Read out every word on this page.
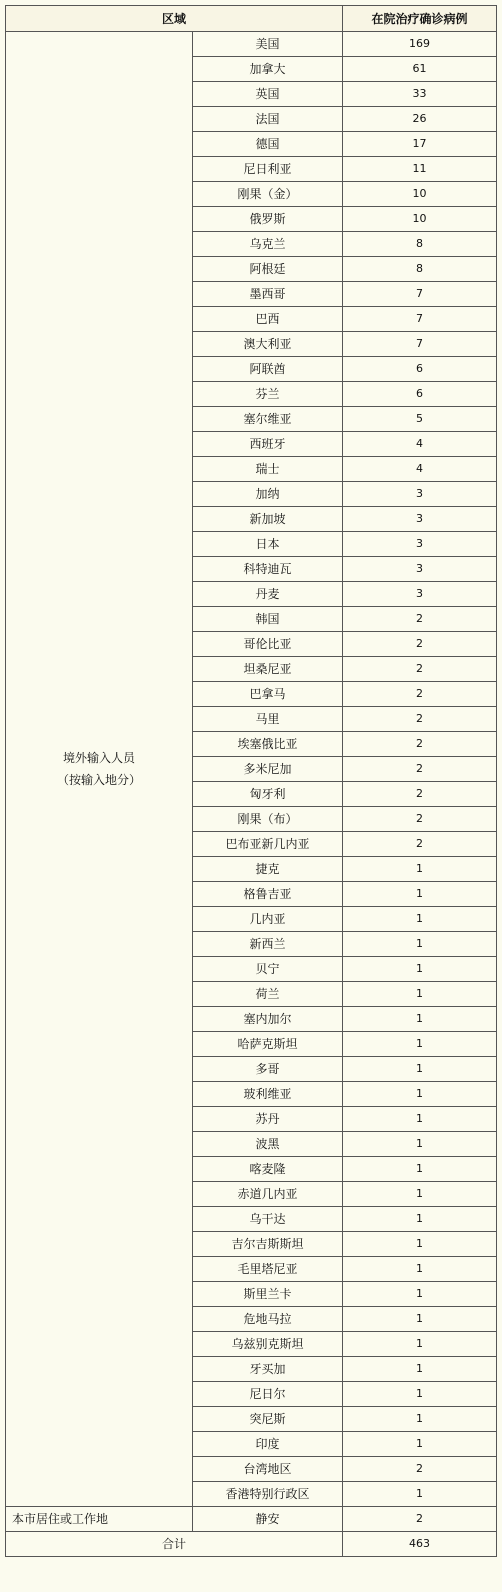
区域		在院治疗确诊病例

境外输入人员
（按输入地分）	美国	169
	加拿大	61
	英国	33
	法国	26
	德国	17
	尼日利亚	11
	刚果（金）	10
	俄罗斯	10
	乌克兰	8
	阿根廷	8
	墨西哥	7
	巴西	7
	澳大利亚	7
	阿联酋	6
	芬兰	6
	塞尔维亚	5
	西班牙	4
	瑞士	4
	加纳	3
	新加坡	3
	日本	3
	科特迪瓦	3
	丹麦	3
	韩国	2
	哥伦比亚	2
	坦桑尼亚	2
	巴拿马	2
	马里	2
	埃塞俄比亚	2
	多米尼加	2
	匈牙利	2
	刚果（布）	2
	巴布亚新几内亚	2
	捷克	1
	格鲁吉亚	1
	几内亚	1
	新西兰	1
	贝宁	1
	荷兰	1
	塞内加尔	1
	哈萨克斯坦	1
	多哥	1
	玻利维亚	1
	苏丹	1
	波黑	1
	喀麦隆	1
	赤道几内亚	1
	乌干达	1
	吉尔吉斯斯坦	1
	毛里塔尼亚	1
	斯里兰卡	1
	危地马拉	1
	乌兹别克斯坦	1
	牙买加	1
	尼日尔	1
	突尼斯	1
	印度	1
	台湾地区	2
	香港特别行政区	1
本市居住或工作地	静安	2
合计		463
